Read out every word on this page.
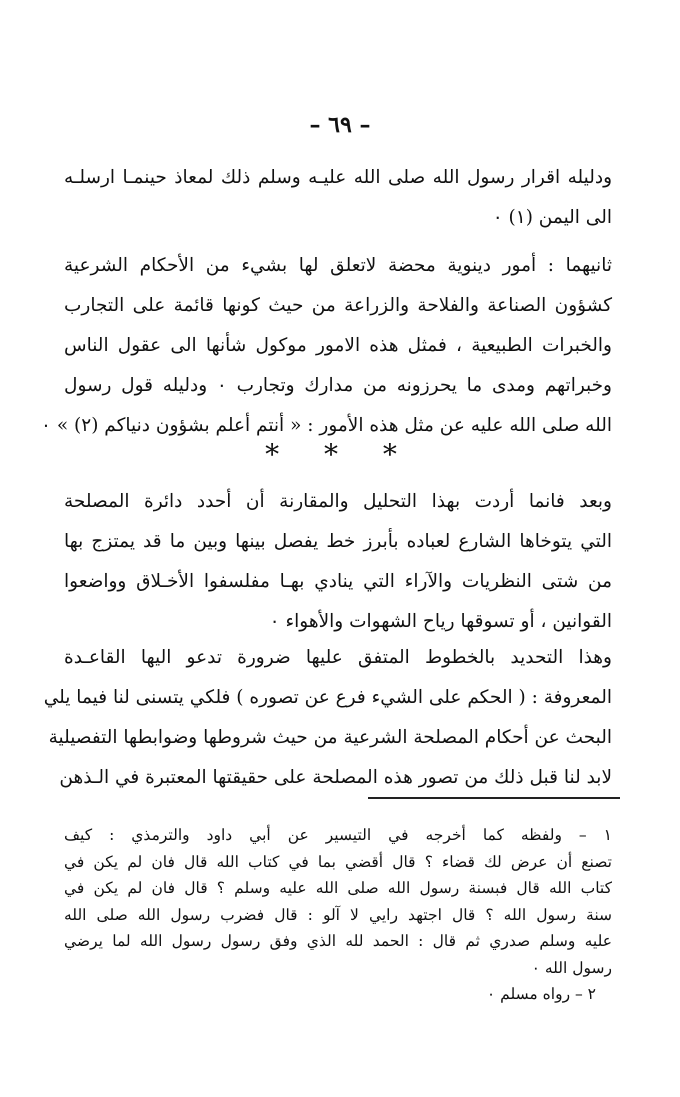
– ٦٩ –
ودليله اقرار رسول الله صلى الله عليـه وسلم ذلك لمعاذ حينمـا ارسلـه
الى اليمن (١) ٠
ثانيهما : أمور دينوية محضة لاتعلق لها بشيء من الأحكام الشرعية
كشؤون الصناعة والفلاحة والزراعة من حيث كونها قائمة على التجارب
والخبرات الطبيعية ، فمثل هذه الامور موكول شأنها الى عقول الناس
وخبراتهم ومدى ما يحرزونه من مدارك وتجارب ٠ ودليله قول رسول
الله صلى الله عليه عن مثل هذه الأمور : « أنتم أعلم بشؤون دنياكم (٢) » ٠
* * *
وبعد فانما أردت بهذا التحليل والمقارنة أن أحدد دائرة المصلحة
التي يتوخاها الشارع لعباده بأبرز خط يفصل بينها وبين ما قد يمتزج بها
من شتى النظريات والآراء التي ينادي بهـا مفلسفوا الأخـلاق وواضعوا
القوانين ، أو تسوقها رياح الشهوات والأهواء ٠
وهذا التحديد بالخطوط المتفق عليها ضرورة تدعو اليها القاعـدة
المعروفة : ( الحكم على الشيء فرع عن تصوره ) فلكي يتسنى لنا فيما يلي
البحث عن أحكام المصلحة الشرعية من حيث شروطها وضوابطها التفصيلية
لابد لنا قبل ذلك من تصور هذه المصلحة على حقيقتها المعتبرة في الـذهن
١ – ولفظه كما أخرجه في التيسير عن أبي داود والترمذي : كيف
تصنع أن عرض لك قضاء ؟ قال أقضي بما في كتاب الله قال فان لم يكن في
كتاب الله قال فبسنة رسول الله صلى الله عليه وسلم ؟ قال فان لم يكن في
سنة رسول الله ؟ قال اجتهد رايي لا آلو : قال فضرب رسول الله صلى الله
عليه وسلم صدري ثم قال : الحمد لله الذي وفق رسول رسول الله لما يرضي
رسول الله ٠
٢ – رواه مسلم ٠
